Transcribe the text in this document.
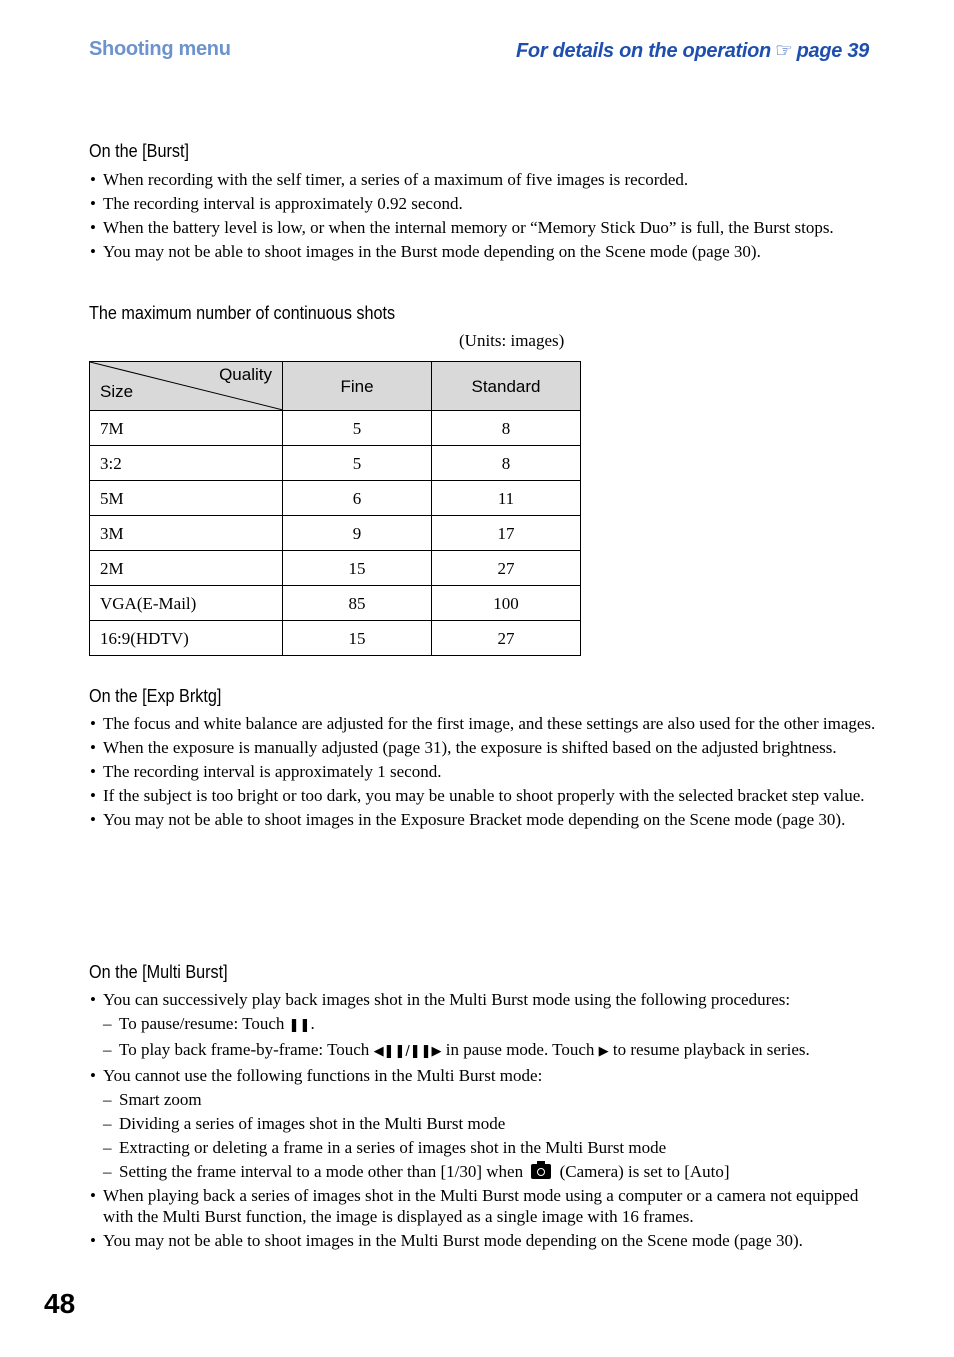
Shooting menu	For details on the operation ☞ page 39
On the [Burst]
• When recording with the self timer, a series of a maximum of five images is recorded.
• The recording interval is approximately 0.92 second.
• When the battery level is low, or when the internal memory or “Memory Stick Duo” is full, the Burst stops.
• You may not be able to shoot images in the Burst mode depending on the Scene mode (page 30).
The maximum number of continuous shots
(Units: images)
Quality
Size	Fine	Standard
7M	5	8
3:2	5	8
5M	6	11
3M	9	17
2M	15	27
VGA(E-Mail)	85	100
16:9(HDTV)	15	27
On the [Exp Brktg]
• The focus and white balance are adjusted for the first image, and these settings are also used for the other images.
• When the exposure is manually adjusted (page 31), the exposure is shifted based on the adjusted brightness.
• The recording interval is approximately 1 second.
• If the subject is too bright or too dark, you may be unable to shoot properly with the selected bracket step value.
• You may not be able to shoot images in the Exposure Bracket mode depending on the Scene mode (page 30).
On the [Multi Burst]
• You can successively play back images shot in the Multi Burst mode using the following procedures:
– To pause/resume: Touch ❚❚.
– To play back frame-by-frame: Touch ◀❚❚/❚❚▶ in pause mode. Touch ▶ to resume playback in series.
• You cannot use the following functions in the Multi Burst mode:
– Smart zoom
– Dividing a series of images shot in the Multi Burst mode
– Extracting or deleting a frame in a series of images shot in the Multi Burst mode
– Setting the frame interval to a mode other than [1/30] when (Camera) is set to [Auto]
• When playing back a series of images shot in the Multi Burst mode using a computer or a camera not equipped with the Multi Burst function, the image is displayed as a single image with 16 frames.
• You may not be able to shoot images in the Multi Burst mode depending on the Scene mode (page 30).
48
